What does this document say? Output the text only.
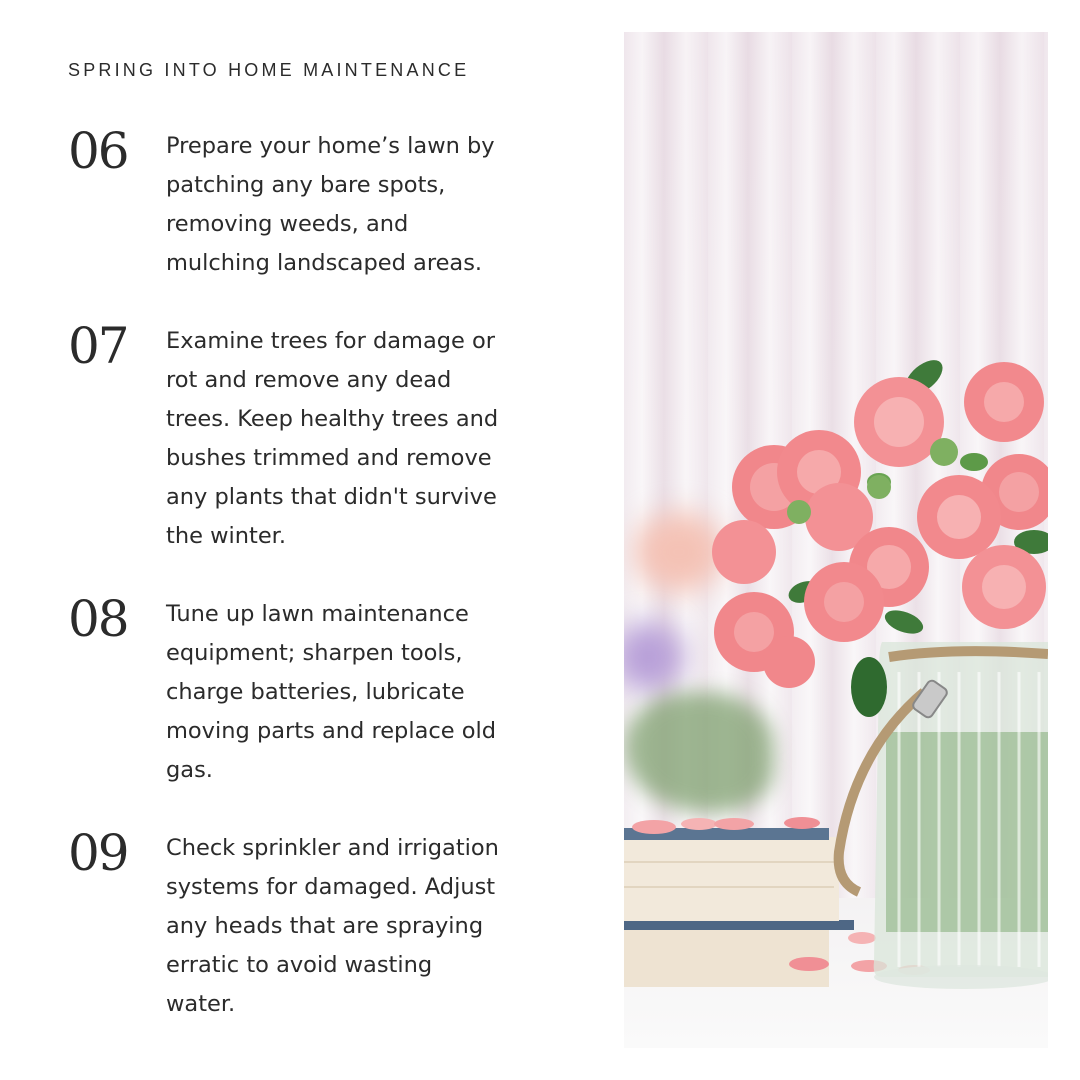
SPRING INTO HOME MAINTENANCE
06 Prepare your home’s lawn by
patching any bare spots,
removing weeds, and
mulching landscaped areas.
07 Examine trees for damage or
rot and remove any dead
trees. Keep healthy trees and
bushes trimmed and remove
any plants that didn't survive
the winter.
08 Tune up lawn maintenance
equipment; sharpen tools,
charge batteries, lubricate
moving parts and replace old
gas.
09 Check sprinkler and irrigation
systems for damaged. Adjust
any heads that are spraying
erratic to avoid wasting
water.
